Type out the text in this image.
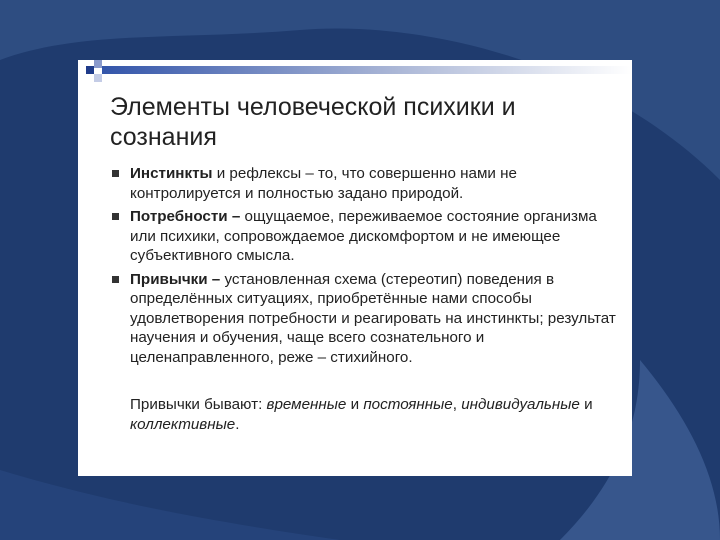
Элементы человеческой психики и сознания
Инстинкты и рефлексы – то, что совершенно нами не контролируется и полностью задано природой.
Потребности – ощущаемое, переживаемое состояние организма или психики, сопровождаемое дискомфортом и не имеющее субъективного смысла.
Привычки – установленная схема (стереотип) поведения в определённых ситуациях, приобретённые нами способы удовлетворения потребности и реагировать на инстинкты; результат научения и обучения, чаще всего сознательного и целенаправленного, реже – стихийного.
Привычки бывают: временные и постоянные, индивидуальные и коллективные.
